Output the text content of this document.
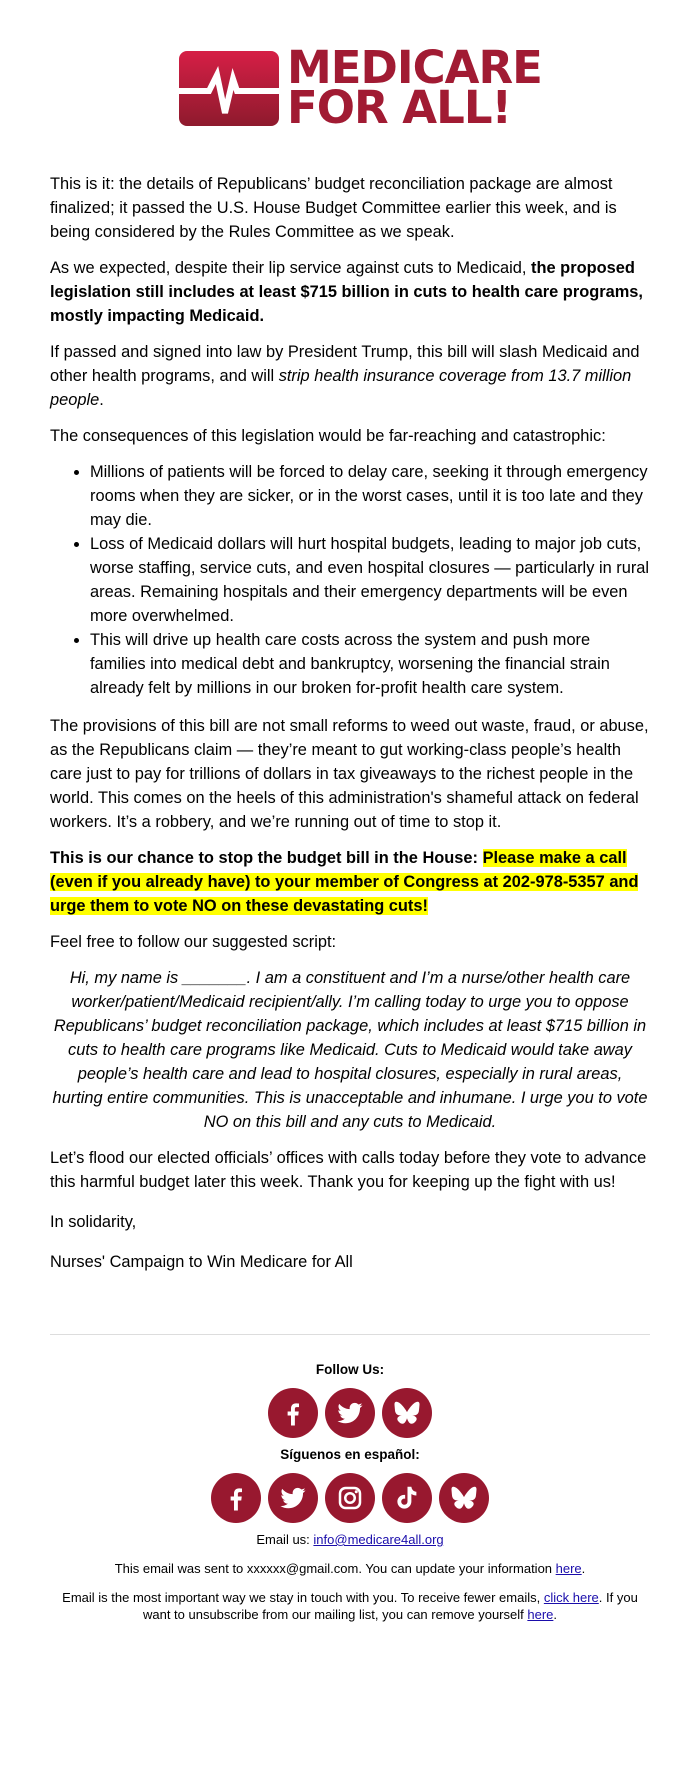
MEDICARE
FOR ALL!

This is it: the details of Republicans’ budget reconciliation package are almost finalized; it passed the U.S. House Budget Committee earlier this week, and is being considered by the Rules Committee as we speak.

As we expected, despite their lip service against cuts to Medicaid, the proposed legislation still includes at least $715 billion in cuts to health care programs, mostly impacting Medicaid.

If passed and signed into law by President Trump, this bill will slash Medicaid and other health programs, and will strip health insurance coverage from 13.7 million people.

The consequences of this legislation would be far-reaching and catastrophic:

• Millions of patients will be forced to delay care, seeking it through emergency rooms when they are sicker, or in the worst cases, until it is too late and they may die.
• Loss of Medicaid dollars will hurt hospital budgets, leading to major job cuts, worse staffing, service cuts, and even hospital closures — particularly in rural areas. Remaining hospitals and their emergency departments will be even more overwhelmed.
• This will drive up health care costs across the system and push more families into medical debt and bankruptcy, worsening the financial strain already felt by millions in our broken for-profit health care system.

The provisions of this bill are not small reforms to weed out waste, fraud, or abuse, as the Republicans claim — they’re meant to gut working-class people’s health care just to pay for trillions of dollars in tax giveaways to the richest people in the world. This comes on the heels of this administration's shameful attack on federal workers. It’s a robbery, and we’re running out of time to stop it.

This is our chance to stop the budget bill in the House: Please make a call (even if you already have) to your member of Congress at 202-978-5357 and urge them to vote NO on these devastating cuts!

Feel free to follow our suggested script:

Hi, my name is _______. I am a constituent and I’m a nurse/other health care worker/patient/Medicaid recipient/ally. I’m calling today to urge you to oppose Republicans’ budget reconciliation package, which includes at least $715 billion in cuts to health care programs like Medicaid. Cuts to Medicaid would take away people’s health care and lead to hospital closures, especially in rural areas, hurting entire communities. This is unacceptable and inhumane. I urge you to vote NO on this bill and any cuts to Medicaid.

Let’s flood our elected officials’ offices with calls today before they vote to advance this harmful budget later this week. Thank you for keeping up the fight with us!

In solidarity,

Nurses' Campaign to Win Medicare for All

Follow Us:
Síguenos en español:
Email us: info@medicare4all.org
This email was sent to xxxxxx@gmail.com. You can update your information here.
Email is the most important way we stay in touch with you. To receive fewer emails, click here. If you want to unsubscribe from our mailing list, you can remove yourself here.
